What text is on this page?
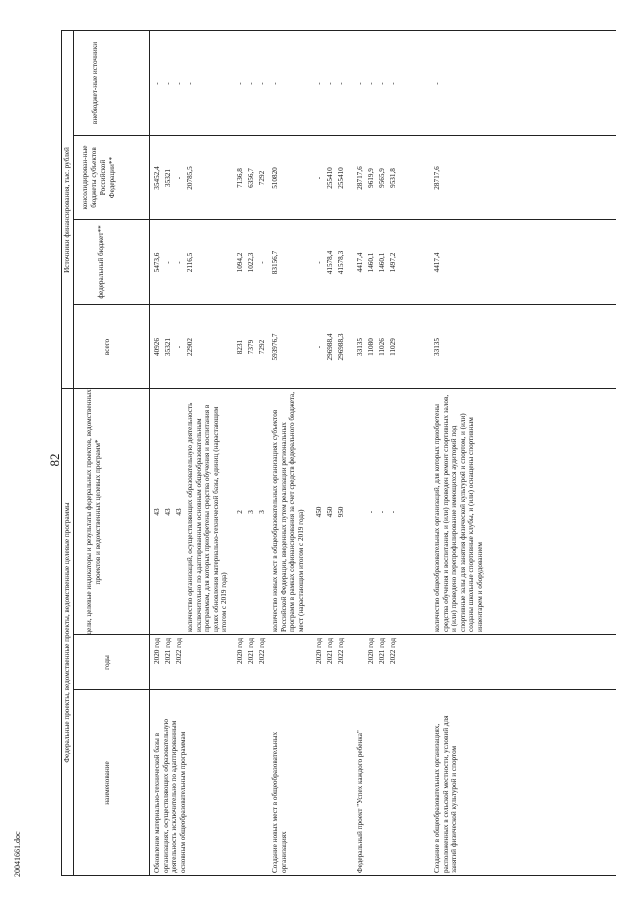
82
20041661.doc
Федеральные проекты, ведомственные проекты, ведомственные целевые программы
Источники финансирования, тыс. рублей
наименование
годы
цели, целевые индикаторы и результаты федеральных проектов, ведомственных проектов и ведомственных целевых программ*
всего
федеральный бюджет**
консолидирован-ные бюджеты субъектов Российской Федерации**
внебюджет-ные источники
Обновление материально-технической базы в организациях, осуществляющих образовательную деятельность исключительно по адаптированным основным общеобразовательным программам
2020 год
43
40926
5473,6
35452,4
-
2021 год
43
35321
-
35321
-
2022 год
43
-
-
-
-
количество организаций, осуществляющих образовательную деятельность исключительно по адаптированным основным общеобразовательным программам, для которых приобретены средства обучения и воспитания в целях обновления материально-технической базы, единиц (нарастающим итогом с 2019 года)
22902
2116,5
20785,5
-
2020 год
2
8231
1094,2
7136,8
-
2021 год
3
7379
1022,3
6356,7
-
2022 год
3
7292
-
7292
-
Создание новых мест в общеобразовательных организациях
количество новых мест в общеобразовательных организациях субъектов Российской Федерации, введенных путем реализации региональных программ в рамках софинансирования за счет средств федерального бюджета, мест (нарастающим итогом с 2019 года)
593976,7
83156,7
510820
-
2020 год
450
-
-
-
-
2021 год
450
296988,4
41578,4
255410
-
2022 год
950
296988,3
41578,3
255410
-
Федеральный проект "Успех каждого ребенка"
33135
4417,4
28717,6
-
2020 год
-
11080
1460,1
9619,9
-
2021 год
-
11026
1460,1
9565,9
-
2022 год
-
11029
1497,2
9531,8
-
Создание в общеобразовательных организациях, расположенных в сельской местности, условий для занятий физической культурой и спортом
количество общеобразовательных организаций, для которых приобретены средства обучения и воспитания, и (или) проведен ремонт спортивных залов, и (или) проведено перепрофилирование имеющихся аудиторий под спортивные залы для занятия физической культурой и спортом, и (или) созданы школьные спортивные клубы, и (или) оснащены спортивным инвентарем и оборудованием
33135
4417,4
28717,6
-
